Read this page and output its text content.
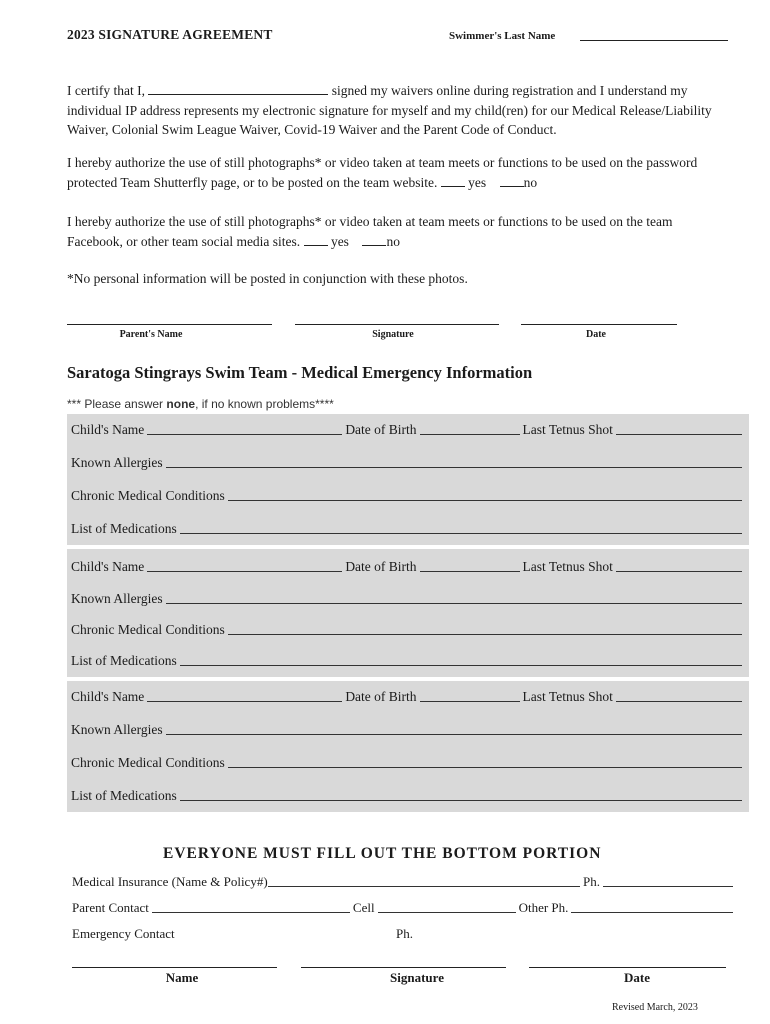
2023 SIGNATURE AGREEMENT	Swimmer's Last Name
I certify that I,	signed my waivers online during registration and I understand my individual IP address represents my electronic signature for myself and my child(ren) for our Medical Release/Liability Waiver, Colonial Swim League Waiver, Covid-19 Waiver and the Parent Code of Conduct.
I hereby authorize the use of still photographs* or video taken at team meets or functions to be used on the password protected Team Shutterfly page, or to be posted on the team website. yes	no
I hereby authorize the use of still photographs* or video taken at team meets or functions to be used on the team Facebook, or other team social media sites. yes	no
*No personal information will be posted in conjunction with these photos.
Parent's Name	Signature	Date
Saratoga Stingrays Swim Team - Medical Emergency Information
*** Please answer none, if no known problems****
Child's Name	Date of Birth	Last Tetnus Shot
Known Allergies
Chronic Medical Conditions
List of Medications
Child's Name	Date of Birth	Last Tetnus Shot
Known Allergies
Chronic Medical Conditions
List of Medications
Child's Name	Date of Birth	Last Tetnus Shot
Known Allergies
Chronic Medical Conditions
List of Medications
EVERYONE MUST FILL OUT THE BOTTOM PORTION
Medical Insurance (Name & Policy#)	Ph.
Parent Contact	Cell	Other Ph.
Emergency Contact	Ph.
Name	Signature	Date
Revised March, 2023
